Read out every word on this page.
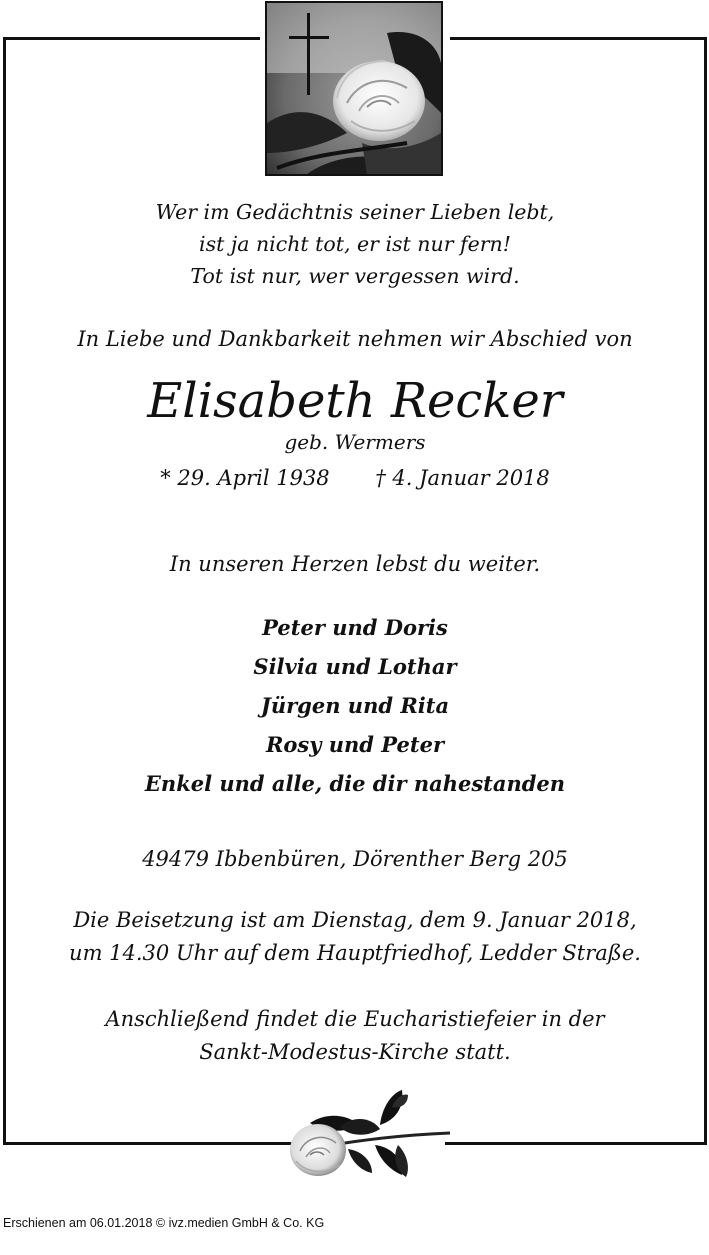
Wer im Gedächtnis seiner Lieben lebt,
ist ja nicht tot, er ist nur fern!
Tot ist nur, wer vergessen wird.
In Liebe und Dankbarkeit nehmen wir Abschied von
Elisabeth Recker
geb. Wermers
* 29. April 1938 † 4. Januar 2018
In unseren Herzen lebst du weiter.
Peter und Doris
Silvia und Lothar
Jürgen und Rita
Rosy und Peter
Enkel und alle, die dir nahestanden
49479 Ibbenbüren, Dörenther Berg 205
Die Beisetzung ist am Dienstag, dem 9. Januar 2018,
um 14.30 Uhr auf dem Hauptfriedhof, Ledder Straße.
Anschließend findet die Eucharistiefeier in der
Sankt-Modestus-Kirche statt.
Erschienen am 06.01.2018 © ivz.medien GmbH & Co. KG
